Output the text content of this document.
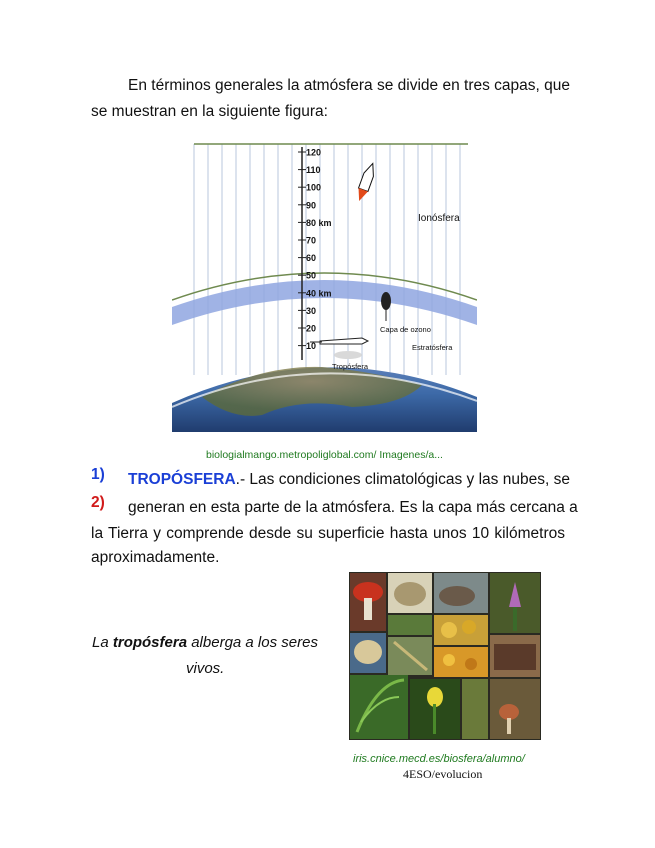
En términos generales la atmósfera se divide en tres capas, que
se muestran en la siguiente figura:
120
110
100
90
80 km
70
60
50
40 km
30
20
10
Ionósfera
Capa de ozono
Estratósfera
Tropósfera
biologialmango.metropoliglobal.com/ Imagenes/a...
1) TROPÓSFERA.- Las condiciones climatológicas y las nubes, se
2) generan en esta parte de la atmósfera. Es la capa más cercana a
la Tierra y comprende desde su superficie hasta unos 10 kilómetros
aproximadamente.
La tropósfera alberga a los seres
vivos.
iris.cnice.mecd.es/biosfera/alumno/
4ESO/evolucion
